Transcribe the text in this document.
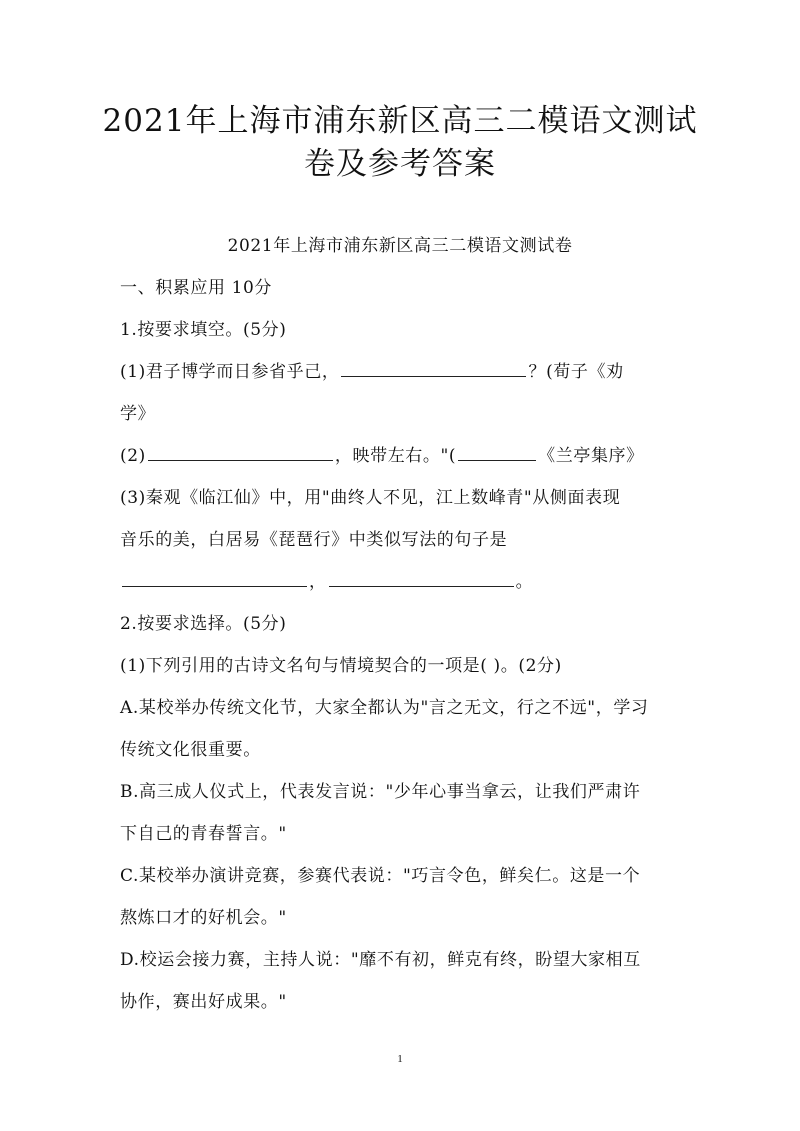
2021年上海市浦东新区高三二模语文测试
卷及参考答案
2021年上海市浦东新区高三二模语文测试卷
一、积累应用 10分
1.按要求填空。(5分)
(1)君子博学而日参省乎己，	？(荀子《劝
学》
(2)	，映带左右。"(	《兰亭集序》
(3)秦观《临江仙》中，用"曲终人不见，江上数峰青"从侧面表现
音乐的美，白居易《琵琶行》中类似写法的句子是
，	。
2.按要求选择。(5分)
(1)下列引用的古诗文名句与情境契合的一项是( )。(2分)
A.某校举办传统文化节，大家全都认为"言之无文，行之不远"，学习
传统文化很重要。
B.高三成人仪式上，代表发言说："少年心事当拿云，让我们严肃许
下自己的青春誓言。"
C.某校举办演讲竞赛，参赛代表说："巧言令色，鲜矣仁。这是一个
熬炼口才的好机会。"
D.校运会接力赛，主持人说："靡不有初，鲜克有终，盼望大家相互
协作，赛出好成果。"
1
